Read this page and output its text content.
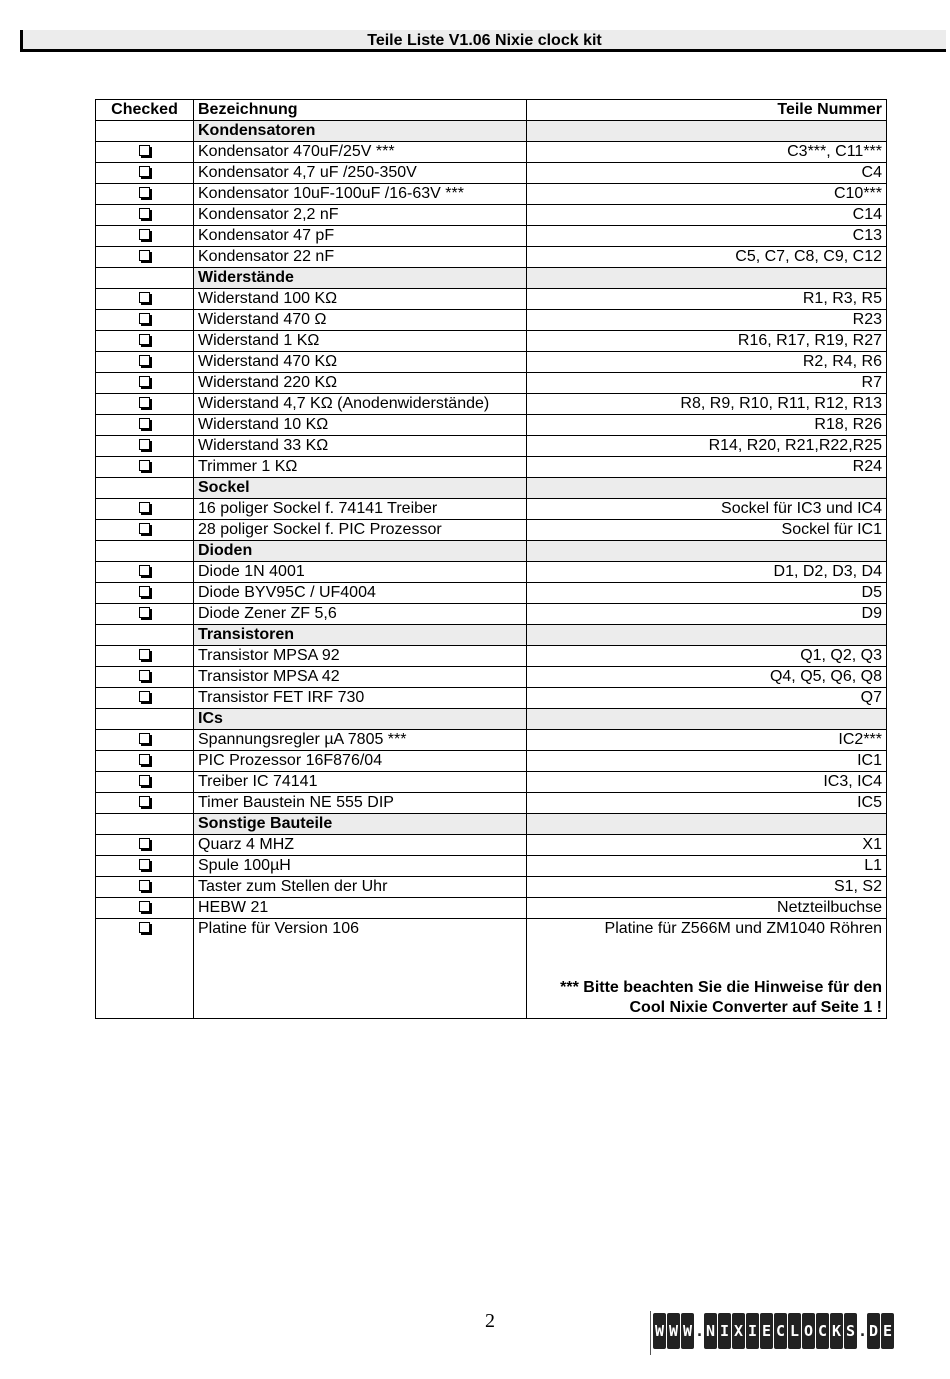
Teile Liste V1.06 Nixie clock kit
Checked	Bezeichnung	Teile Nummer
	Kondensatoren	
	Kondensator 470uF/25V ***	C3***, C11***
	Kondensator 4,7 uF /250-350V	C4
	Kondensator 10uF-100uF /16-63V ***	C10***
	Kondensator 2,2 nF	C14
	Kondensator 47 pF	C13
	Kondensator 22 nF	C5, C7, C8, C9, C12
	Widerstände	
	Widerstand 100 KΩ	R1, R3, R5
	Widerstand 470 Ω	R23
	Widerstand 1 KΩ	R16, R17, R19, R27
	Widerstand 470 KΩ	R2, R4, R6
	Widerstand 220 KΩ	R7
	Widerstand 4,7 KΩ (Anodenwiderstände)	R8, R9, R10, R11, R12, R13
	Widerstand 10 KΩ	R18, R26
	Widerstand 33 KΩ	R14, R20, R21,R22,R25
	Trimmer 1 KΩ	R24
	Sockel	
	16 poliger Sockel f. 74141 Treiber	Sockel für IC3 und IC4
	28 poliger Sockel f. PIC Prozessor	Sockel für IC1
	Dioden	
	Diode 1N 4001	D1, D2, D3, D4
	Diode BYV95C / UF4004	D5
	Diode Zener ZF 5,6	D9
	Transistoren	
	Transistor MPSA 92	Q1, Q2, Q3
	Transistor MPSA 42	Q4, Q5, Q6, Q8
	Transistor FET IRF 730	Q7
	ICs	
	Spannungsregler µA 7805 ***	IC2***
	PIC Prozessor 16F876/04	IC1
	Treiber IC 74141	IC3, IC4
	Timer Baustein NE 555 DIP	IC5
	Sonstige Bauteile	
	Quarz 4 MHZ	X1
	Spule 100µH	L1
	Taster zum Stellen der Uhr	S1, S2
	HEBW 21	Netzteilbuchse
	Platine für Version 106	Platine für Z566M und ZM1040 Röhren
*** Bitte beachten Sie die Hinweise für den
Cool Nixie Converter auf Seite 1 !
2	W W W . N I X I E C L O C K S . D E
